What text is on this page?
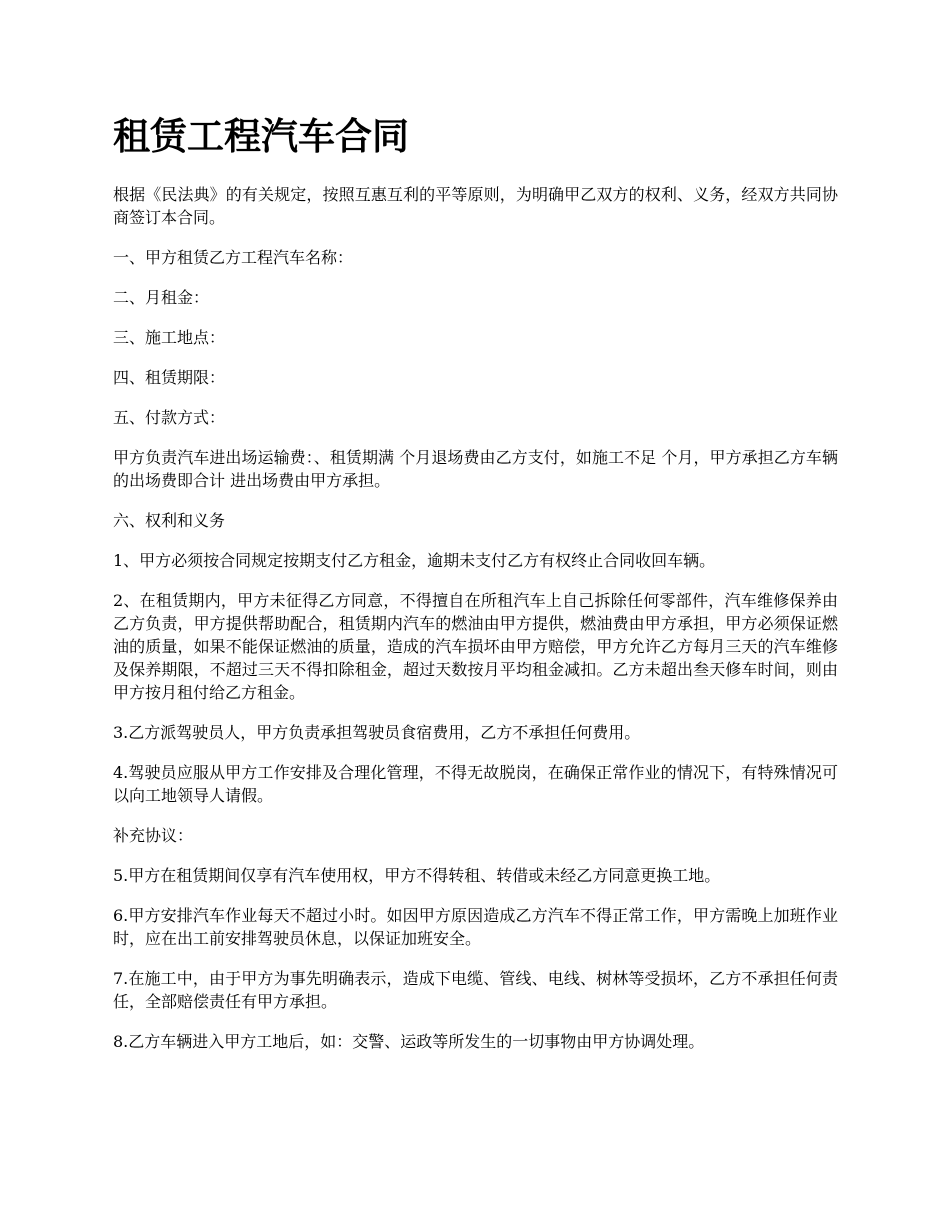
租赁工程汽车合同

根据《民法典》的有关规定，按照互惠互利的平等原则，为明确甲乙双方的权利、义务，经双方共同协商签订本合同。

一、甲方租赁乙方工程汽车名称：

二、月租金：

三、施工地点：

四、租赁期限：

五、付款方式：

甲方负责汽车进出场运输费：、租赁期满 个月退场费由乙方支付，如施工不足 个月，甲方承担乙方车辆的出场费即合计 进出场费由甲方承担。

六、权利和义务

1、甲方必须按合同规定按期支付乙方租金，逾期未支付乙方有权终止合同收回车辆。

2、在租赁期内，甲方未征得乙方同意，不得擅自在所租汽车上自己拆除任何零部件，汽车维修保养由乙方负责，甲方提供帮助配合，租赁期内汽车的燃油由甲方提供，燃油费由甲方承担，甲方必须保证燃油的质量，如果不能保证燃油的质量，造成的汽车损坏由甲方赔偿，甲方允许乙方每月三天的汽车维修及保养期限，不超过三天不得扣除租金，超过天数按月平均租金减扣。乙方未超出叁天修车时间，则由甲方按月租付给乙方租金。

3.乙方派驾驶员人，甲方负责承担驾驶员食宿费用，乙方不承担任何费用。

4.驾驶员应服从甲方工作安排及合理化管理，不得无故脱岗，在确保正常作业的情况下，有特殊情况可以向工地领导人请假。

补充协议：

5.甲方在租赁期间仅享有汽车使用权，甲方不得转租、转借或未经乙方同意更换工地。

6.甲方安排汽车作业每天不超过小时。如因甲方原因造成乙方汽车不得正常工作，甲方需晚上加班作业时，应在出工前安排驾驶员休息，以保证加班安全。

7.在施工中，由于甲方为事先明确表示，造成下电缆、管线、电线、树林等受损坏，乙方不承担任何责任，全部赔偿责任有甲方承担。

8.乙方车辆进入甲方工地后，如：交警、运政等所发生的一切事物由甲方协调处理。
